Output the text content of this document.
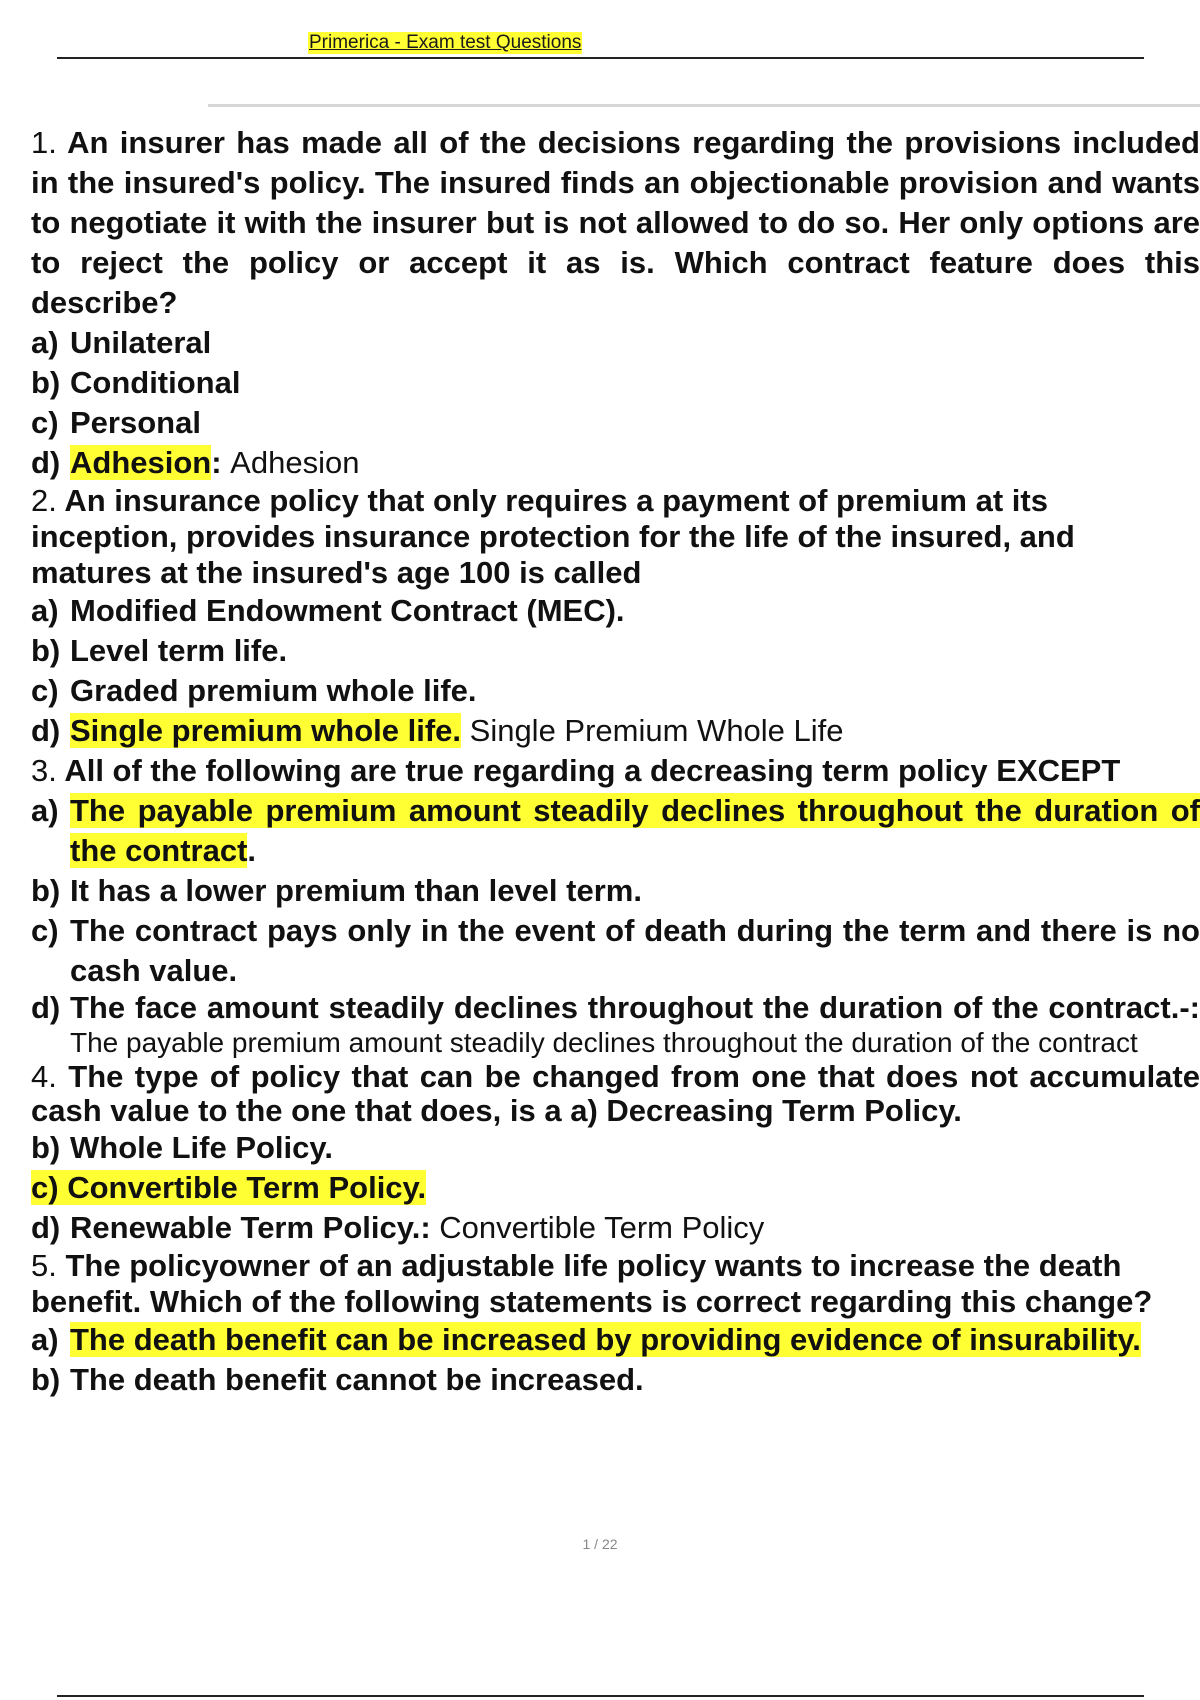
Primerica - Exam test Questions

1. An insurer has made all of the decisions regarding the provisions included in the insured's policy. The insured finds an objectionable provision and wants to negotiate it with the insurer but is not allowed to do so. Her only options are to reject the policy or accept it as is. Which contract feature does this describe?

a) Unilateral

b) Conditional

c) Personal

d) Adhesion: Adhesion

2. An insurance policy that only requires a payment of premium at its inception, provides insurance protection for the life of the insured, and matures at the insured's age 100 is called

a) Modified Endowment Contract (MEC).

b) Level term life.

c) Graded premium whole life.

d) Single premium whole life. Single Premium Whole Life

3. All of the following are true regarding a decreasing term policy EXCEPT

a) The payable premium amount steadily declines throughout the duration of the contract.

b) It has a lower premium than level term.

c) The contract pays only in the event of death during the term and there is no cash value.

d) The face amount steadily declines throughout the duration of the contract.-: The payable premium amount steadily declines throughout the duration of the contract

4. The type of policy that can be changed from one that does not accumulate cash value to the one that does, is a a) Decreasing Term Policy.

b) Whole Life Policy.

c) Convertible Term Policy.

d) Renewable Term Policy.: Convertible Term Policy

5. The policyowner of an adjustable life policy wants to increase the death benefit. Which of the following statements is correct regarding this change?

a) The death benefit can be increased by providing evidence of insurability.

b) The death benefit cannot be increased.

1 / 22
